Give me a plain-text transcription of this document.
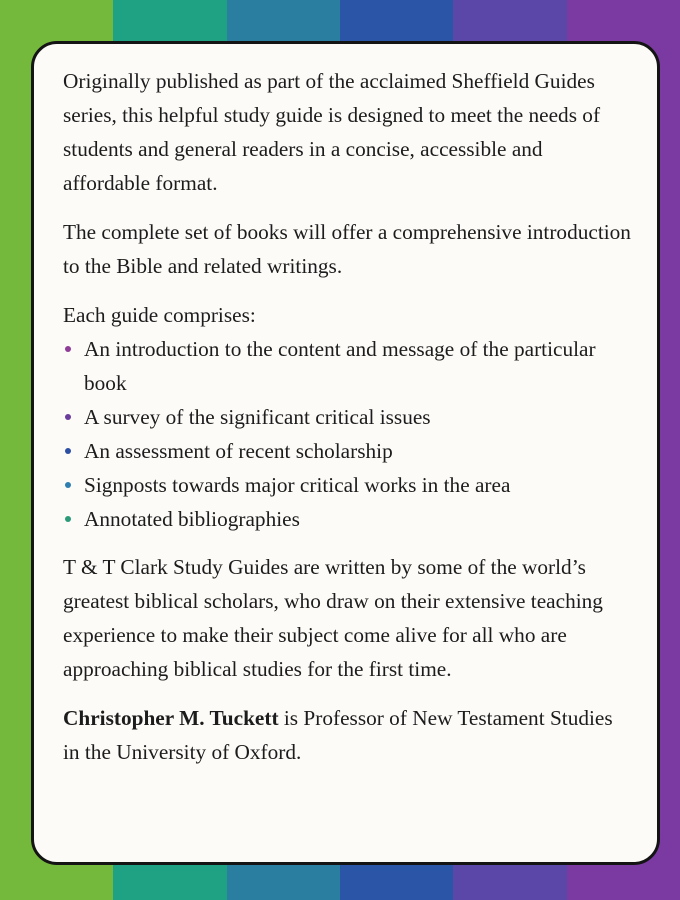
Originally published as part of the acclaimed Sheffield Guides series, this helpful study guide is designed to meet the needs of students and general readers in a concise, accessible and affordable format.

The complete set of books will offer a comprehensive introduction to the Bible and related writings.

Each guide comprises:

An introduction to the content and message of the particular book
A survey of the significant critical issues
An assessment of recent scholarship
Signposts towards major critical works in the area
Annotated bibliographies

T & T Clark Study Guides are written by some of the world’s greatest biblical scholars, who draw on their extensive teaching experience to make their subject come alive for all who are approaching biblical studies for the first time.

Christopher M. Tuckett is Professor of New Testament Studies in the University of Oxford.
